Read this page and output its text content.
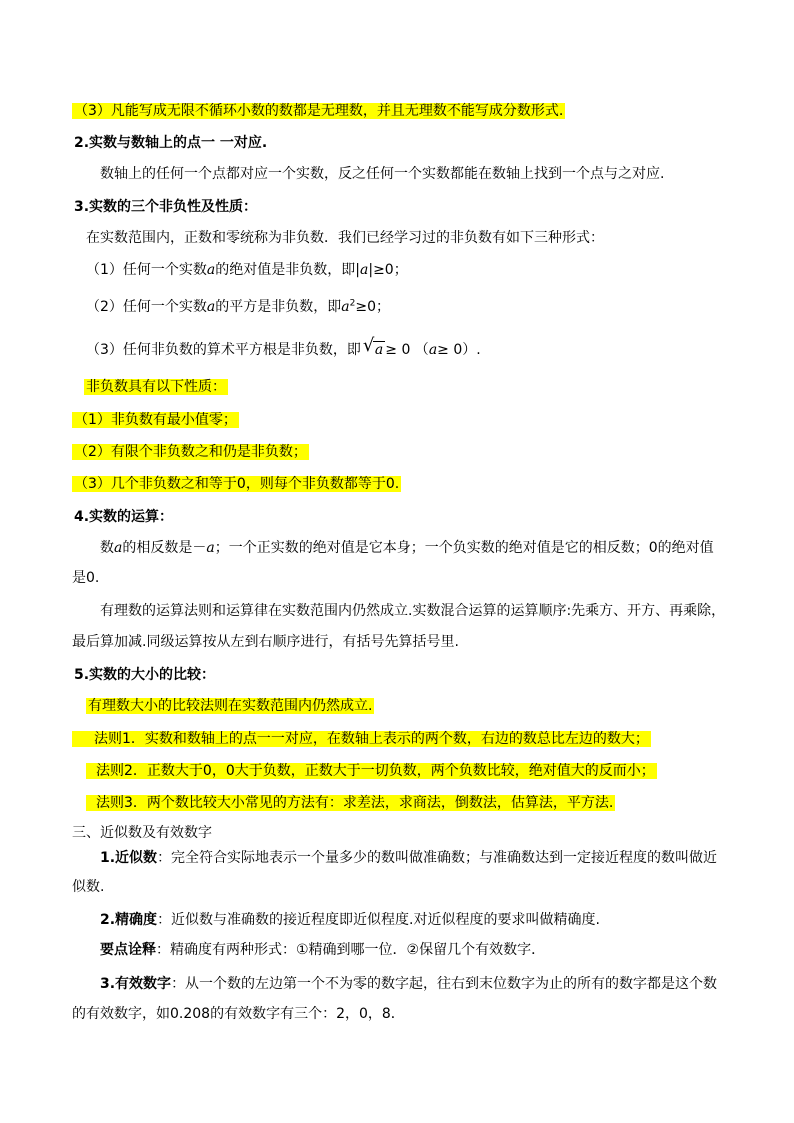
（3）凡能写成无限不循环小数的数都是无理数，并且无理数不能写成分数形式.
2.实数与数轴上的点一 一对应.
数轴上的任何一个点都对应一个实数，反之任何一个实数都能在数轴上找到一个点与之对应.
3.实数的三个非负性及性质：
在实数范围内，正数和零统称为非负数．我们已经学习过的非负数有如下三种形式：
（1）任何一个实数a的绝对值是非负数，即|a|≥0；
（2）任何一个实数a的平方是非负数，即$a^2\ge 0$；
（3）任何非负数的算术平方根是非负数，即 √ a ≥ 0 （a≥ 0）.
非负数具有以下性质：
（1）非负数有最小值零；
（2）有限个非负数之和仍是非负数；
（3）几个非负数之和等于0，则每个非负数都等于0.
4.实数的运算：
数a的相反数是－a；一个正实数的绝对值是它本身；一个负实数的绝对值是它的相反数；0的绝对值
是0.
有理数的运算法则和运算律在实数范围内仍然成立.实数混合运算的运算顺序:先乘方、开方、再乘除，
最后算加减.同级运算按从左到右顺序进行，有括号先算括号里.
5.实数的大小的比较：
有理数大小的比较法则在实数范围内仍然成立.
法则1．实数和数轴上的点一一对应，在数轴上表示的两个数，右边的数总比左边的数大；
法则2．正数大于0，0大于负数，正数大于一切负数，两个负数比较，绝对值大的反而小；
法则3．两个数比较大小常见的方法有：求差法，求商法，倒数法，估算法，平方法.
三、近似数及有效数字
1.近似数：完全符合实际地表示一个量多少的数叫做准确数；与准确数达到一定接近程度的数叫做近
似数.
2.精确度：近似数与准确数的接近程度即近似程度.对近似程度的要求叫做精确度.
要点诠释：精确度有两种形式：①精确到哪一位．②保留几个有效数字．
3.有效数字：从一个数的左边第一个不为零的数字起，往右到末位数字为止的所有的数字都是这个数
的有效数字，如0.208的有效数字有三个：2，0，8．
